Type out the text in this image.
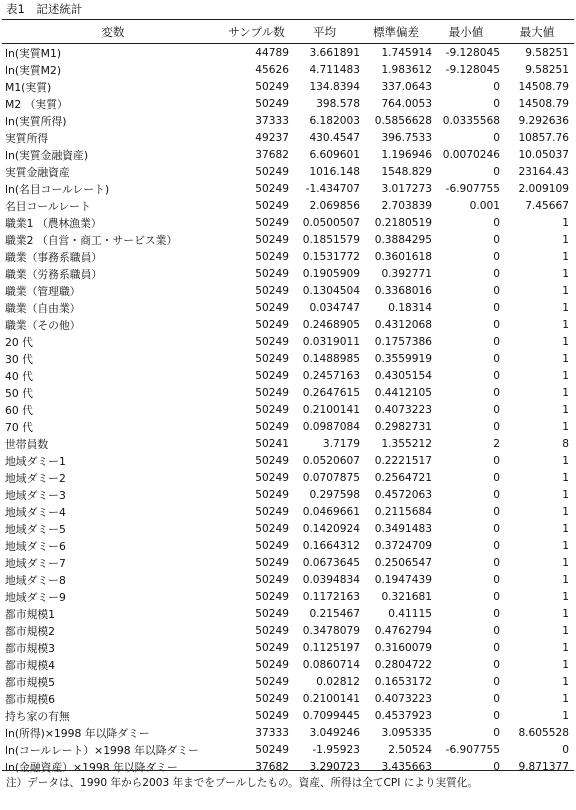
表1　記述統計
変数	サンプル数	平均	標準偏差	最小値	最大値
ln(実質M1)	44789	3.661891	1.745914	-9.128045	9.58251
ln(実質M2)	45626	4.711483	1.983612	-9.128045	9.58251
M1(実質)	50249	134.8394	337.0643	0	14508.79
M2 （実質）	50249	398.578	764.0053	0	14508.79
ln(実質所得)	37333	6.182003	0.5856628	0.0335568	9.292636
実質所得	49237	430.4547	396.7533	0	10857.76
ln(実質金融資産)	37682	6.609601	1.196946	0.0070246	10.05037
実質金融資産	50249	1016.148	1548.829	0	23164.43
ln(名目コールレート)	50249	-1.434707	3.017273	-6.907755	2.009109
名目コールレート	50249	2.069856	2.703839	0.001	7.45667
職業1 （農林漁業）	50249	0.0500507	0.2180519	0	1
職業2 （自営・商工・サービス業）	50249	0.1851579	0.3884295	0	1
職業（事務系職員）	50249	0.1531772	0.3601618	0	1
職業（労務系職員）	50249	0.1905909	0.392771	0	1
職業（管理職）	50249	0.1304504	0.3368016	0	1
職業（自由業）	50249	0.034747	0.18314	0	1
職業（その他）	50249	0.2468905	0.4312068	0	1
20 代	50249	0.0319011	0.1757386	0	1
30 代	50249	0.1488985	0.3559919	0	1
40 代	50249	0.2457163	0.4305154	0	1
50 代	50249	0.2647615	0.4412105	0	1
60 代	50249	0.2100141	0.4073223	0	1
70 代	50249	0.0987084	0.2982731	0	1
世帯員数	50241	3.7179	1.355212	2	8
地域ダミー1	50249	0.0520607	0.2221517	0	1
地域ダミー2	50249	0.0707875	0.2564721	0	1
地域ダミー3	50249	0.297598	0.4572063	0	1
地域ダミー4	50249	0.0469661	0.2115684	0	1
地域ダミー5	50249	0.1420924	0.3491483	0	1
地域ダミー6	50249	0.1664312	0.3724709	0	1
地域ダミー7	50249	0.0673645	0.2506547	0	1
地域ダミー8	50249	0.0394834	0.1947439	0	1
地域ダミー9	50249	0.1172163	0.321681	0	1
都市規模1	50249	0.215467	0.41115	0	1
都市規模2	50249	0.3478079	0.4762794	0	1
都市規模3	50249	0.1125197	0.3160079	0	1
都市規模4	50249	0.0860714	0.2804722	0	1
都市規模5	50249	0.02812	0.1653172	0	1
都市規模6	50249	0.2100141	0.4073223	0	1
持ち家の有無	50249	0.7099445	0.4537923	0	1
ln(所得)×1998 年以降ダミー	37333	3.049246	3.095335	0	8.605528
ln(コールレート）×1998 年以降ダミー	50249	-1.95923	2.50524	-6.907755	0
ln(金融資産）×1998 年以降ダミー	37682	3.290723	3.435663	0	9.871377
注）データは、1990 年から2003 年までをプールしたもの。資産、所得は全てCPI により実質化。
